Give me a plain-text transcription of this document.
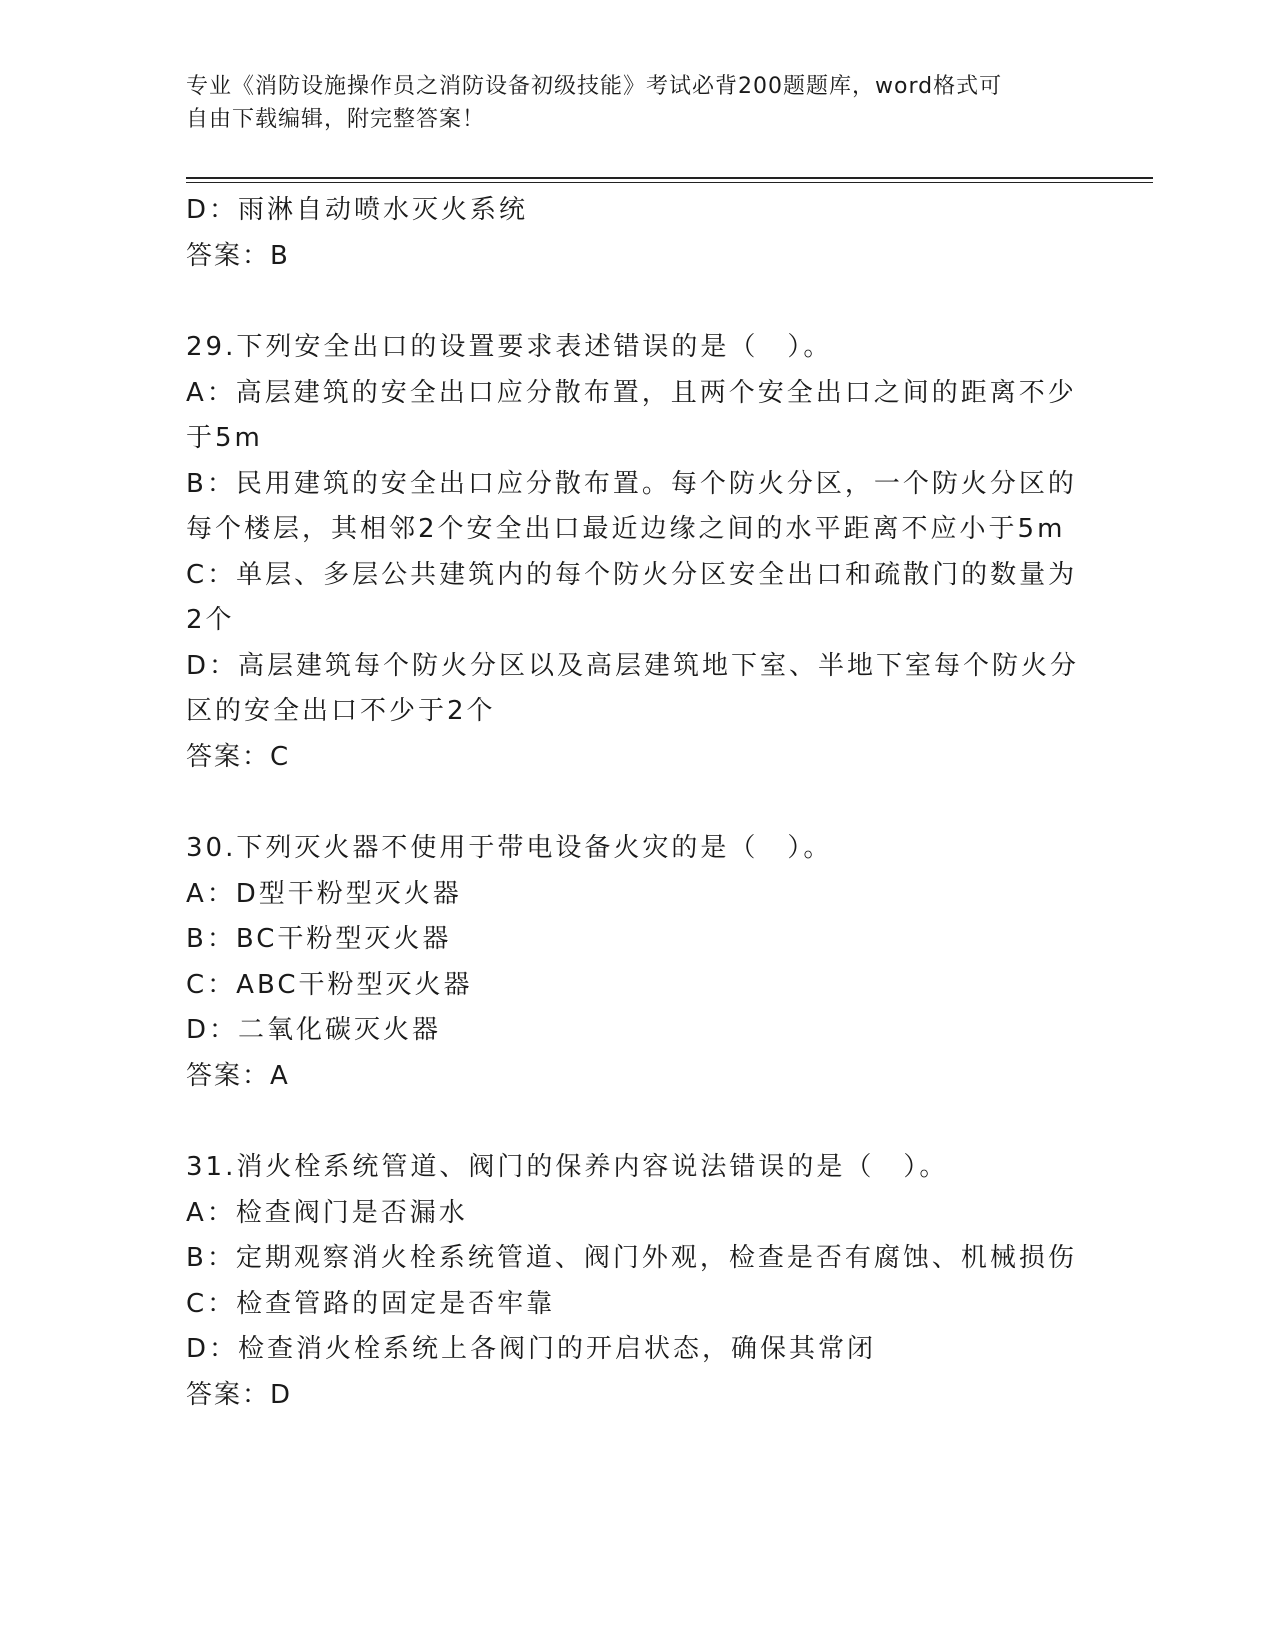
专业《消防设施操作员之消防设备初级技能》考试必背200题题库，word格式可
自由下载编辑，附完整答案！
D：雨淋自动喷水灭火系统
答案：B
29.下列安全出口的设置要求表述错误的是（　）。
A：高层建筑的安全出口应分散布置，且两个安全出口之间的距离不少
于5m
B：民用建筑的安全出口应分散布置。每个防火分区，一个防火分区的
每个楼层，其相邻2个安全出口最近边缘之间的水平距离不应小于5m
C：单层、多层公共建筑内的每个防火分区安全出口和疏散门的数量为
2个
D：高层建筑每个防火分区以及高层建筑地下室、半地下室每个防火分
区的安全出口不少于2个
答案：C
30.下列灭火器不使用于带电设备火灾的是（　）。
A：D型干粉型灭火器
B：BC干粉型灭火器
C：ABC干粉型灭火器
D：二氧化碳灭火器
答案：A
31.消火栓系统管道、阀门的保养内容说法错误的是（　）。
A：检查阀门是否漏水
B：定期观察消火栓系统管道、阀门外观，检查是否有腐蚀、机械损伤
C：检查管路的固定是否牢靠
D：检查消火栓系统上各阀门的开启状态，确保其常闭
答案：D
